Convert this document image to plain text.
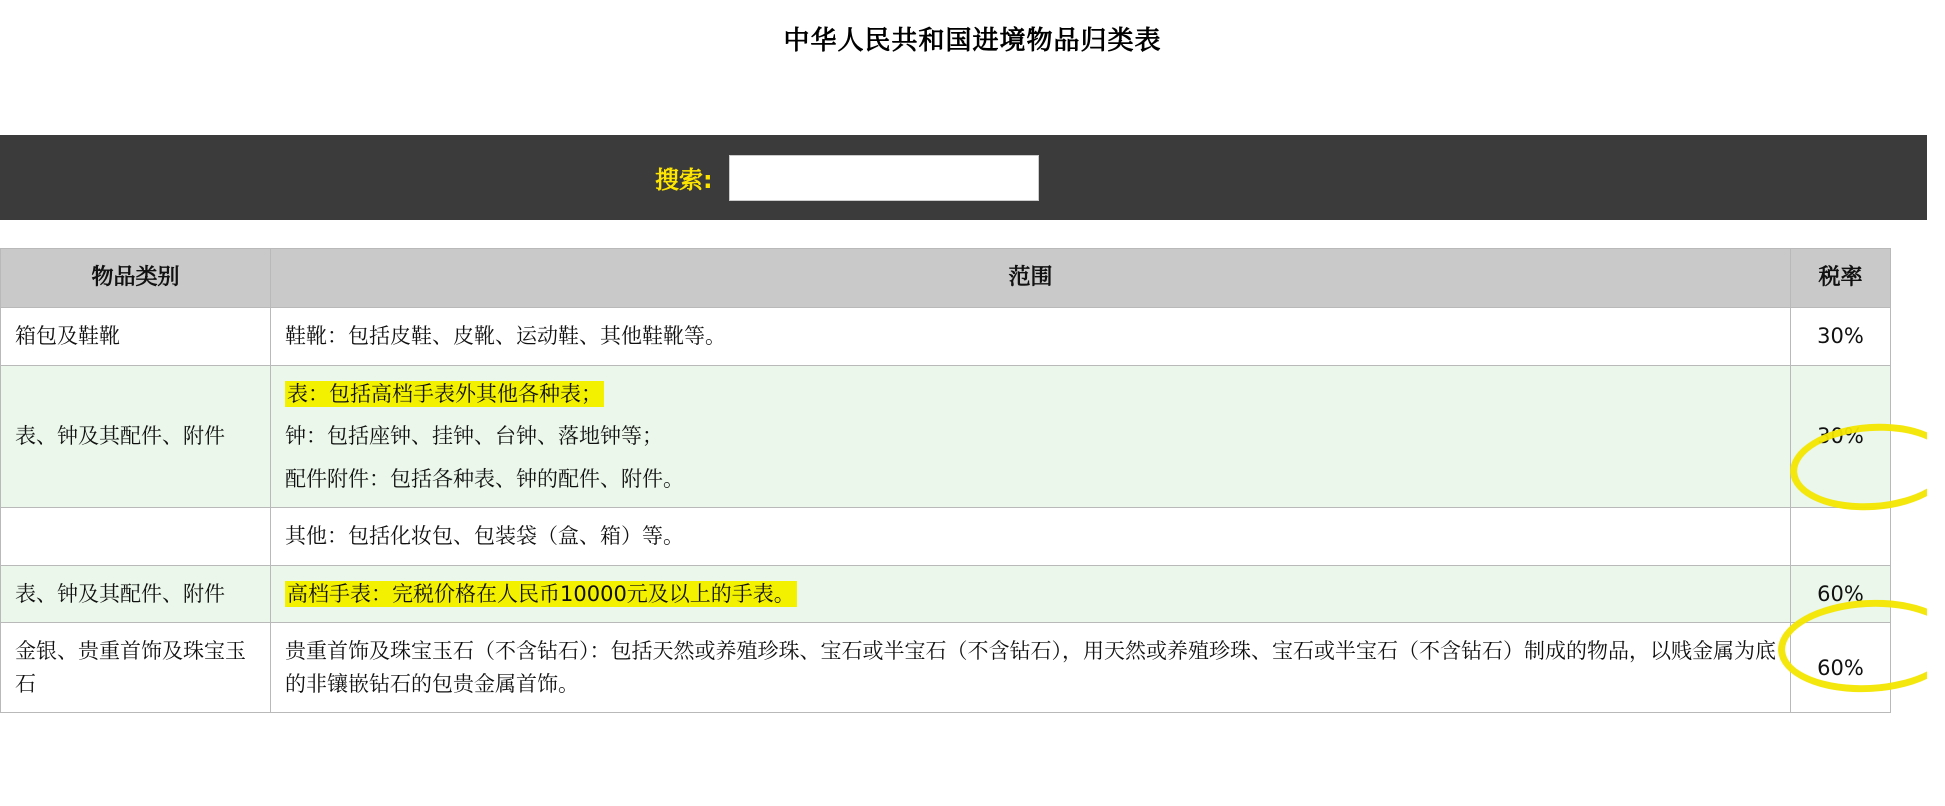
中华人民共和国进境物品归类表
搜索:
物品类别	范围	税率
箱包及鞋靴	鞋靴：包括皮鞋、皮靴、运动鞋、其他鞋靴等。	30%
表、钟及其配件、附件	表：包括高档手表外其他各种表；
钟：包括座钟、挂钟、台钟、落地钟等；
配件附件：包括各种表、钟的配件、附件。	30%

	其他：包括化妆包、包装袋（盒、箱）等。	

表、钟及其配件、附件	高档手表：完税价格在人民币10000元及以上的手表。	60%
金银、贵重首饰及珠宝玉石	贵重首饰及珠宝玉石（不含钻石）：包括天然或养殖珍珠、宝石或半宝石（不含钻石），用天然或养殖珍珠、宝石或半宝石（不含钻石）制成的物品，以贱金属为底的非镶嵌钻石的包贵金属首饰。	60%
